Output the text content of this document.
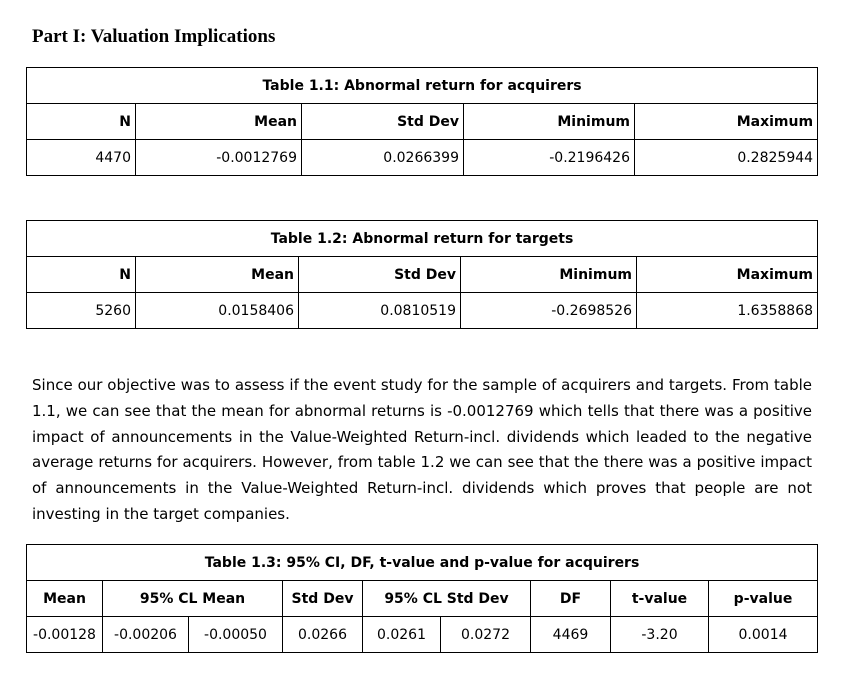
Part I: Valuation Implications
Table 1.1: Abnormal return for acquirers				
N	Mean	Std Dev	Minimum	Maximum
4470	-0.0012769	0.0266399	-0.2196426	0.2825944
Table 1.2: Abnormal return for targets				
N	Mean	Std Dev	Minimum	Maximum
5260	0.0158406	0.0810519	-0.2698526	1.6358868

Since our objective was to assess if the event study for the sample of acquirers and targets. From table 1.1, we can see that the mean for abnormal returns is -0.0012769 which tells that there was a positive impact of announcements in the Value-Weighted Return-incl. dividends which leaded to the negative average returns for acquirers. However, from table 1.2 we can see that the there was a positive impact of announcements in the Value-Weighted Return-incl. dividends which proves that people are not investing in the target companies.

Table 1.3: 95% CI, DF, t-value and p-value for acquirers								
Mean	95% CL Mean		Std Dev	95% CL Std Dev		DF	t-value	p-value
-0.00128	-0.00206	-0.00050	0.0266	0.0261	0.0272	4469	-3.20	0.0014
